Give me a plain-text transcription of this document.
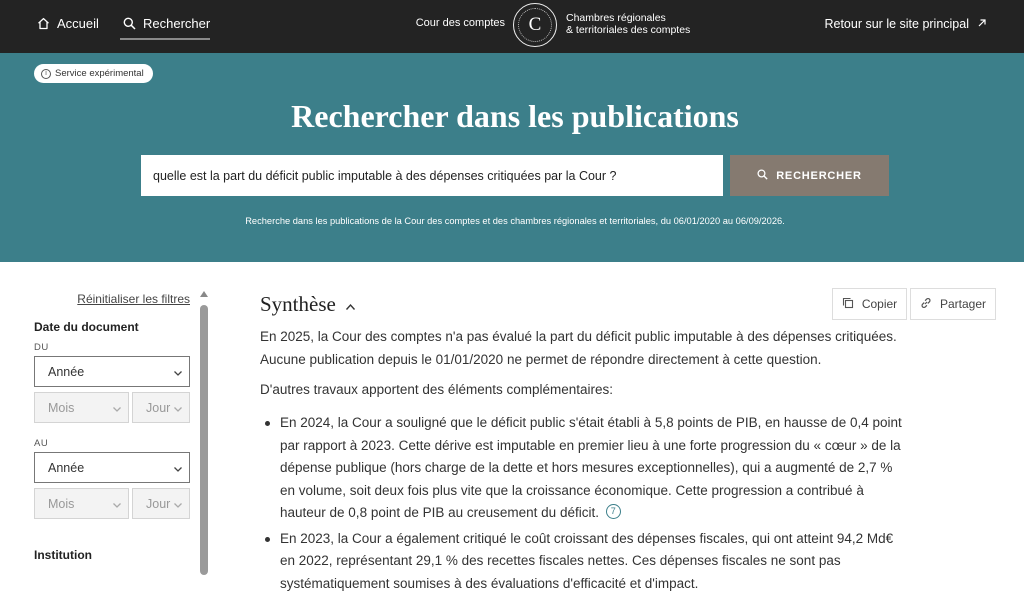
Accueil	Rechercher	Cour des comptes	C	Chambres régionales
& territoriales des comptes	Retour sur le site principal
i Service expérimental
Rechercher dans les publications
quelle est la part du déficit public imputable à des dépenses critiquées par la Cour ?
RECHERCHER
Recherche dans les publications de la Cour des comptes et des chambres régionales et territoriales, du 06/01/2020 au 06/09/2026.
Réinitialiser les filtres
Date du document
DU
Année
Mois	Jour
AU
Année
Mois	Jour
Institution
Synthèse	Copier	Partager

En 2025, la Cour des comptes n'a pas évalué la part du déficit public imputable à des dépenses critiquées. Aucune publication depuis le 01/01/2020 ne permet de répondre directement à cette question.

D'autres travaux apportent des éléments complémentaires:

En 2024, la Cour a souligné que le déficit public s'était établi à 5,8 points de PIB, en hausse de 0,4 point par rapport à 2023. Cette dérive est imputable en premier lieu à une forte progression du « cœur » de la dépense publique (hors charge de la dette et hors mesures exceptionnelles), qui a augmenté de 2,7 % en volume, soit deux fois plus vite que la croissance économique. Cette progression a contribué à hauteur de 0,8 point de PIB au creusement du déficit. 7
En 2023, la Cour a également critiqué le coût croissant des dépenses fiscales, qui ont atteint 94,2 Md€ en 2022, représentant 29,1 % des recettes fiscales nettes. Ces dépenses fiscales ne sont pas systématiquement soumises à des évaluations d'efficacité et d'impact.
